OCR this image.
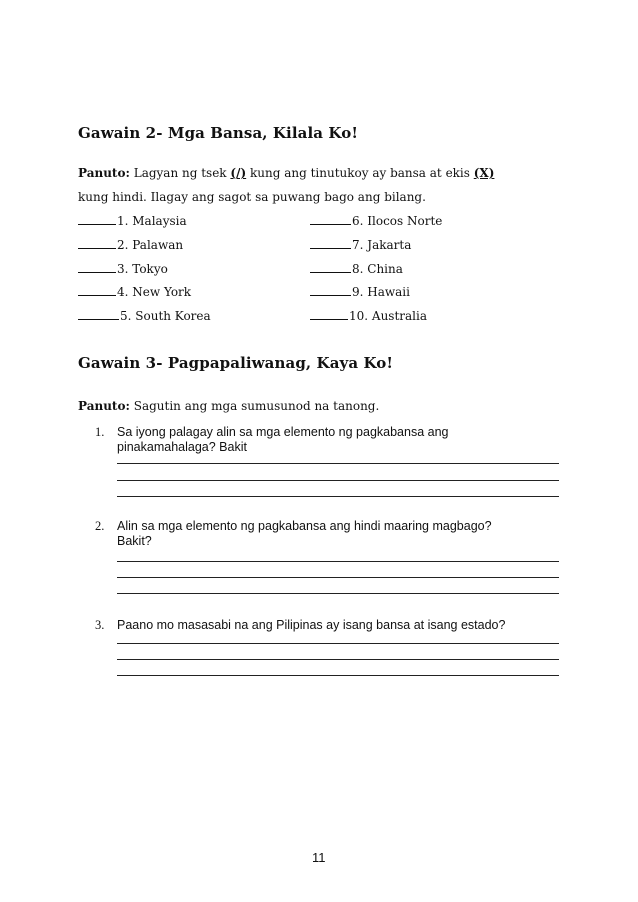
Gawain 2- Mga Bansa, Kilala Ko!
Panuto: Lagyan ng tsek (/) kung ang tinutukoy ay bansa at ekis (X)
kung hindi. Ilagay ang sagot sa puwang bago ang bilang.
1. Malaysia
2. Palawan
3. Tokyo
4. New York
5. South Korea
6. Ilocos Norte
7. Jakarta
8. China
9. Hawaii
10. Australia
Gawain 3- Pagpapaliwanag, Kaya Ko!
Panuto: Sagutin ang mga sumusunod na tanong.
1. Sa iyong palagay alin sa mga elemento ng pagkabansa ang
pinakamahalaga? Bakit
2. Alin sa mga elemento ng pagkabansa ang hindi maaring magbago?
Bakit?
3. Paano mo masasabi na ang Pilipinas ay isang bansa at isang estado?
11
